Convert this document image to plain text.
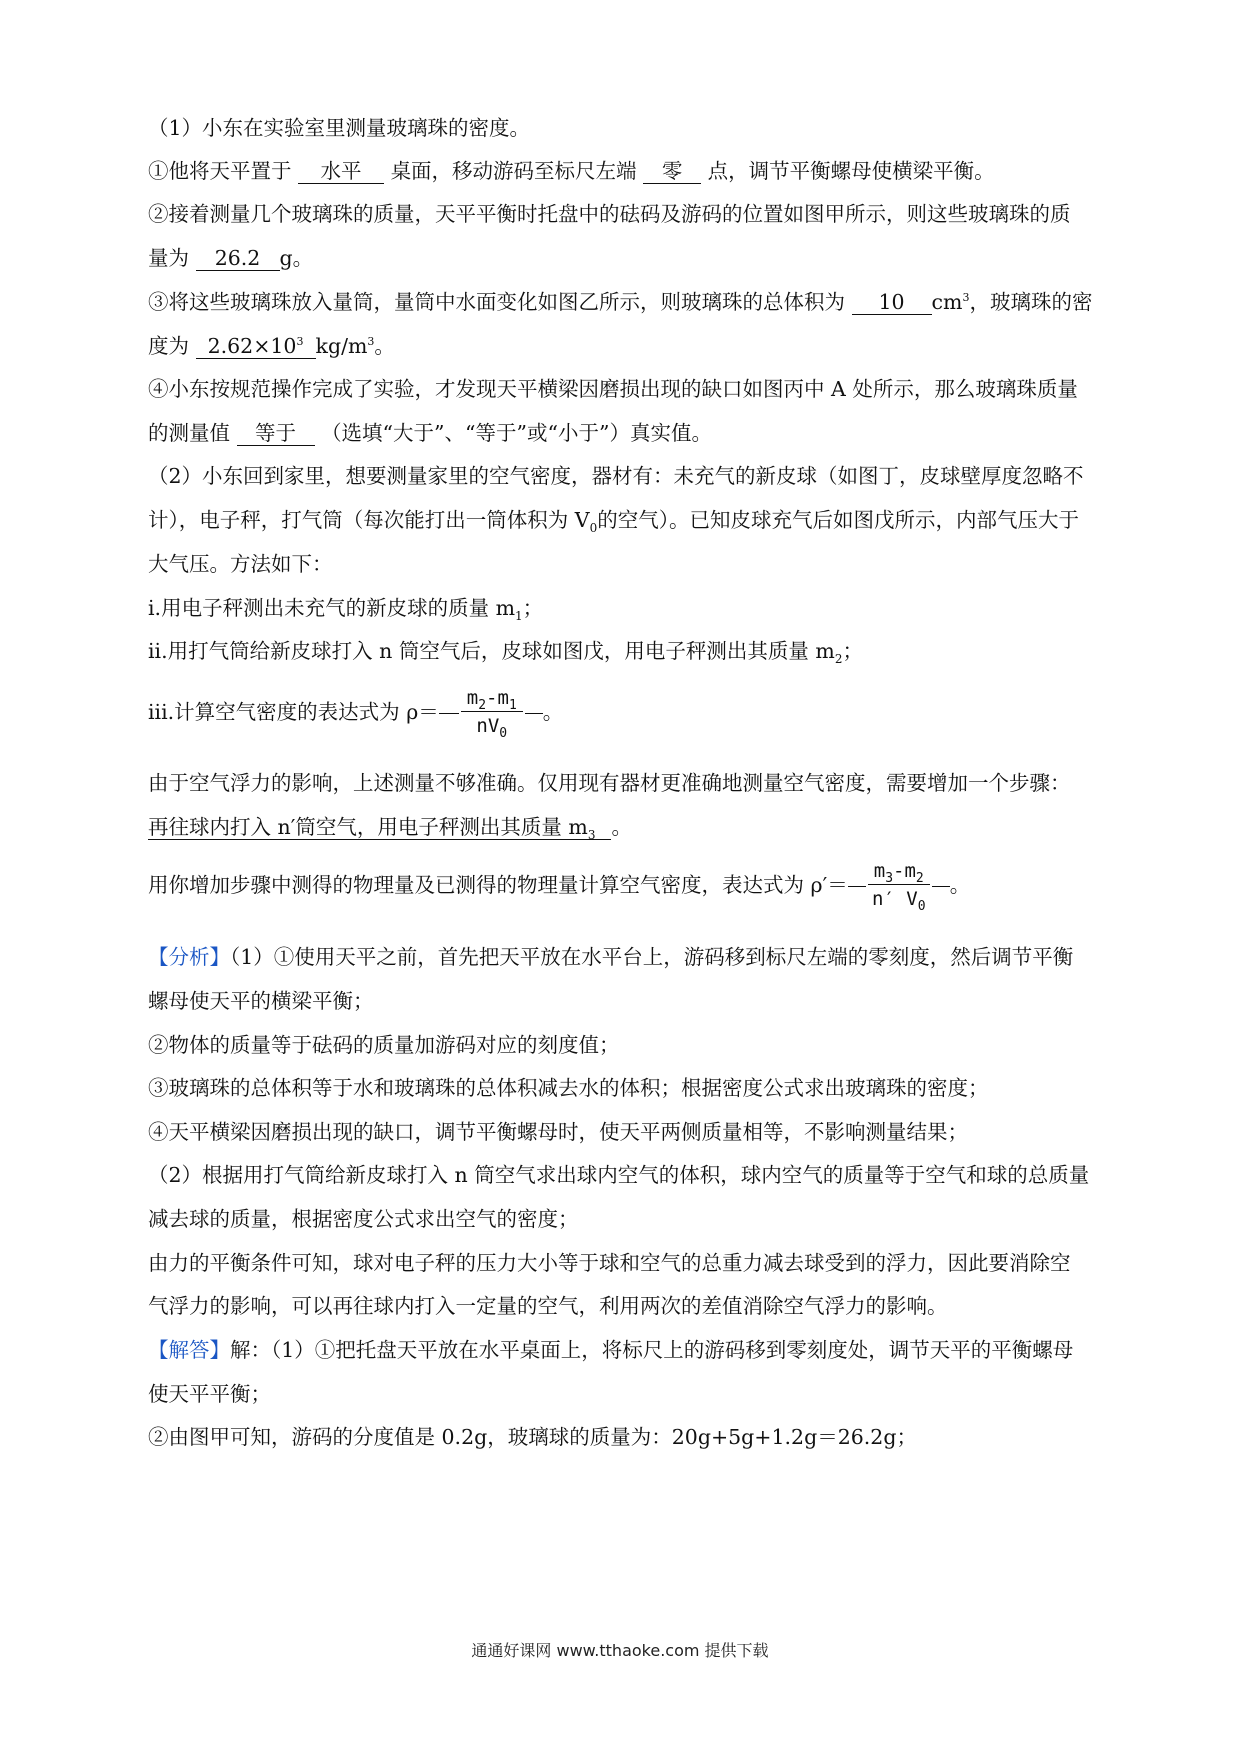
（1）小东在实验室里测量玻璃珠的密度。
①他将天平置于 水平 桌面，移动游码至标尺左端 零 点，调节平衡螺母使横梁平衡。
②接着测量几个玻璃珠的质量，天平平衡时托盘中的砝码及游码的位置如图甲所示，则这些玻璃珠的质
量为 26.2 g。
③将这些玻璃珠放入量筒，量筒中水面变化如图乙所示，则玻璃珠的总体积为 10 $cm^3$，玻璃珠的密
度为 $2.62\times 10^3$ $kg/m^3$。
④小东按规范操作完成了实验，才发现天平横梁因磨损出现的缺口如图丙中 A 处所示，那么玻璃珠质量
的测量值 等于 （选填“大于”、“等于”或“小于”）真实值。
（2）小东回到家里，想要测量家里的空气密度，器材有：未充气的新皮球（如图丁，皮球壁厚度忽略不
计），电子秤，打气筒（每次能打出一筒体积为 $V_0$的空气）。已知皮球充气后如图戊所示，内部气压大于
大气压。方法如下：
i.用电子秤测出未充气的新皮球的质量 $m_1$；
ii.用打气筒给新皮球打入 n 筒空气后，皮球如图戊，用电子秤测出其质量 $m_2$；
iii.计算空气密度的表达式为 $\rho= \frac{m_2-m_1}{nV_0}$ 。
由于空气浮力的影响，上述测量不够准确。仅用现有器材更准确地测量空气密度，需要增加一个步骤：
再往球内打入 n′筒空气，用电子秤测出其质量 $m_3$ 。
用你增加步骤中测得的物理量及已测得的物理量计算空气密度，表达式为 $\rho'= \frac{m_3-m_2}{n' V_0}$ 。
【分析】（1）①使用天平之前，首先把天平放在水平台上，游码移到标尺左端的零刻度，然后调节平衡
螺母使天平的横梁平衡；
②物体的质量等于砝码的质量加游码对应的刻度值；
③玻璃珠的总体积等于水和玻璃珠的总体积减去水的体积；根据密度公式求出玻璃珠的密度；
④天平横梁因磨损出现的缺口，调节平衡螺母时，使天平两侧质量相等，不影响测量结果；
（2）根据用打气筒给新皮球打入 n 筒空气求出球内空气的体积，球内空气的质量等于空气和球的总质量
减去球的质量，根据密度公式求出空气的密度；
由力的平衡条件可知，球对电子秤的压力大小等于球和空气的总重力减去球受到的浮力，因此要消除空
气浮力的影响，可以再往球内打入一定量的空气，利用两次的差值消除空气浮力的影响。
【解答】解：（1）①把托盘天平放在水平桌面上，将标尺上的游码移到零刻度处，调节天平的平衡螺母
使天平平衡；
②由图甲可知，游码的分度值是 0.2g，玻璃球的质量为：20g+5g+1.2g＝26.2g；
通通好课网 www.tthaoke.com 提供下载
